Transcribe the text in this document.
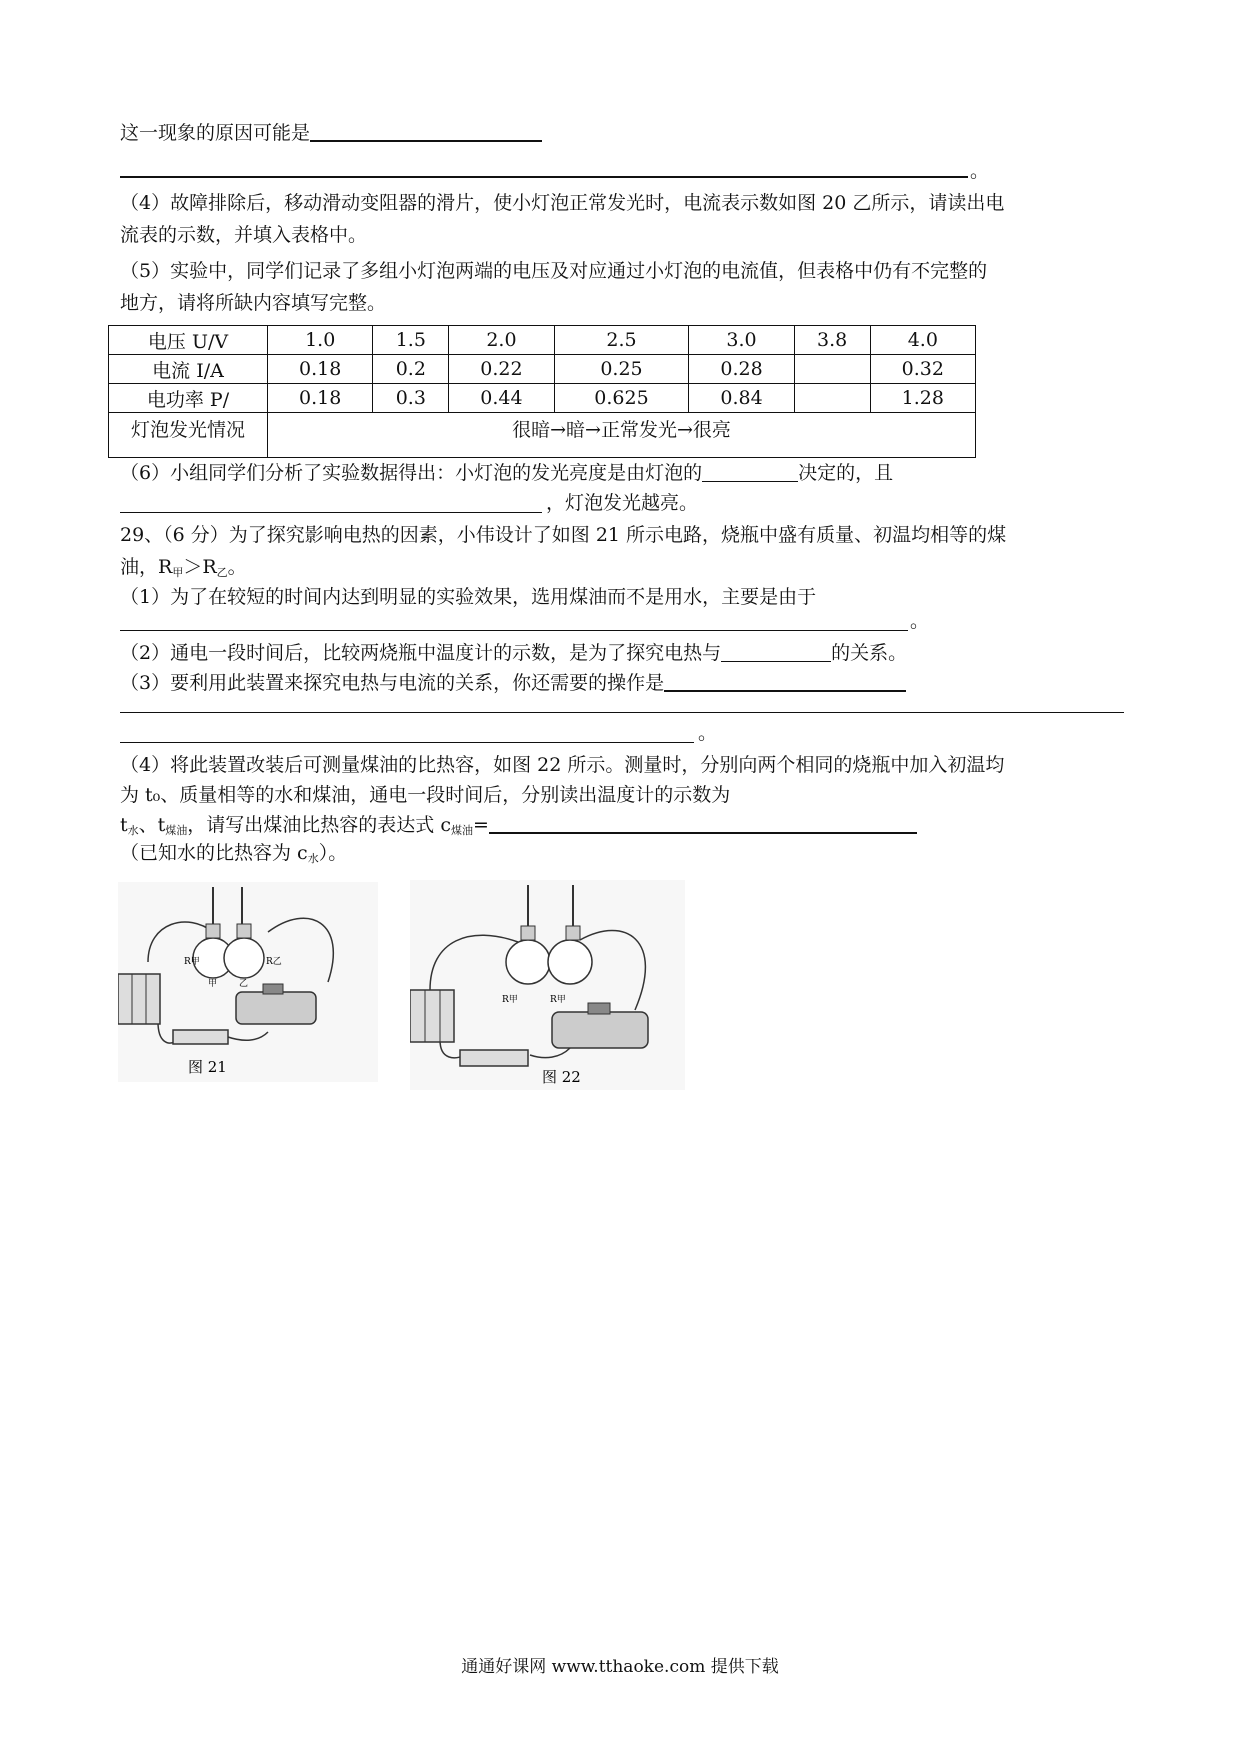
这一现象的原因可能是
。
（4）故障排除后，移动滑动变阻器的滑片，使小灯泡正常发光时，电流表示数如图 20 乙所示，请读出电
流表的示数，并填入表格中。
（5）实验中，同学们记录了多组小灯泡两端的电压及对应通过小灯泡的电流值，但表格中仍有不完整的
地方，请将所缺内容填写完整。
电压 U/V	1.0	1.5	2.0	2.5	3.0	3.8	4.0
电流 I/A	0.18	0.2	0.22	0.25	0.28		0.32
电功率 P/	0.18	0.3	0.44	0.625	0.84		1.28
灯泡发光情况	很暗→暗→正常发光→很亮						
（6）小组同学们分析了实验数据得出：小灯泡的发光亮度是由灯泡的	决定的，且
，灯泡发光越亮。
29、（6 分）为了探究影响电热的因素，小伟设计了如图 21 所示电路，烧瓶中盛有质量、初温均相等的煤
油，$R_甲>R_乙$。
（1）为了在较短的时间内达到明显的实验效果，选用煤油而不是用水，主要是由于
。
（2）通电一段时间后，比较两烧瓶中温度计的示数，是为了探究电热与	的关系。
（3）要利用此装置来探究电热与电流的关系，你还需要的操作是
。
（4）将此装置改装后可测量煤油的比热容，如图 22 所示。测量时，分别向两个相同的烧瓶中加入初温均
为 t₀、质量相等的水和煤油，通电一段时间后，分别读出温度计的示数为
$t_水$、$t_{煤油}$，请写出煤油比热容的表达式 $c_{煤油}=$
（已知水的比热容为 $c_水$）。
R甲	R乙
甲 乙
图 21
R甲	R甲
图 22
通通好课网 www.tthaoke.com 提供下载
